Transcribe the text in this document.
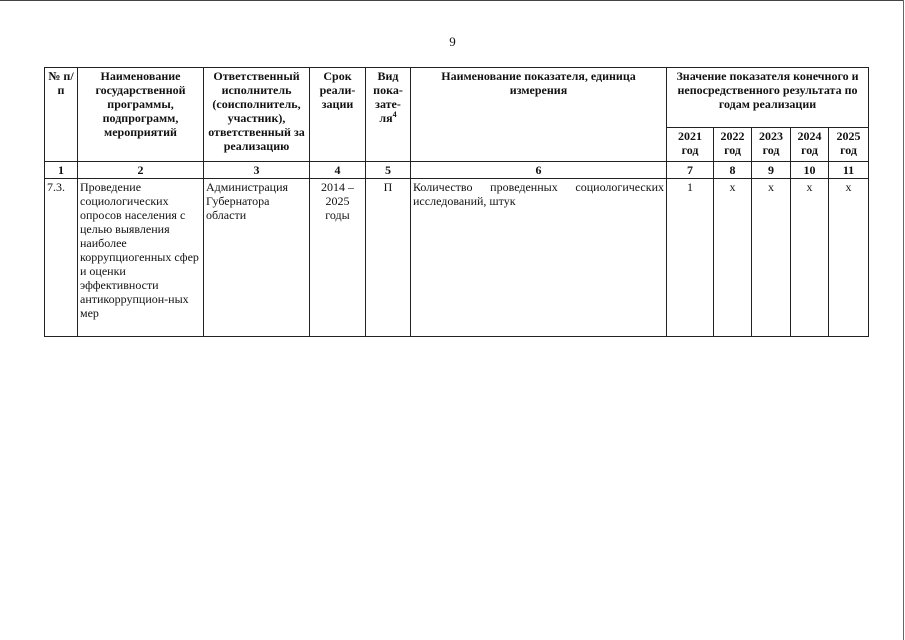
9
№ п/п	Наименование государственной программы, подпрограмм, мероприятий	Ответственный исполнитель (соисполнитель, участник), ответственный за реализацию	Срок реали-зации	Вид пока-$зате-ля^4$	Наименование показателя, единица измерения	Значение показателя конечного и непосредственного результата по годам реализации				
						2021 год	2022 год	2023 год	2024 год	2025 год
1	2	3	4	5	6	7	8	9	10	11
7.3.	Проведение социологических опросов населения с целью выявления наиболее коррупциогенных сфер и оценки эффективности антикоррупцион-ных мер	Администрация Губернатора области	2014 – 2025 годы	П	Количество проведенных социологических исследований, штук	1	x	x	x	x
